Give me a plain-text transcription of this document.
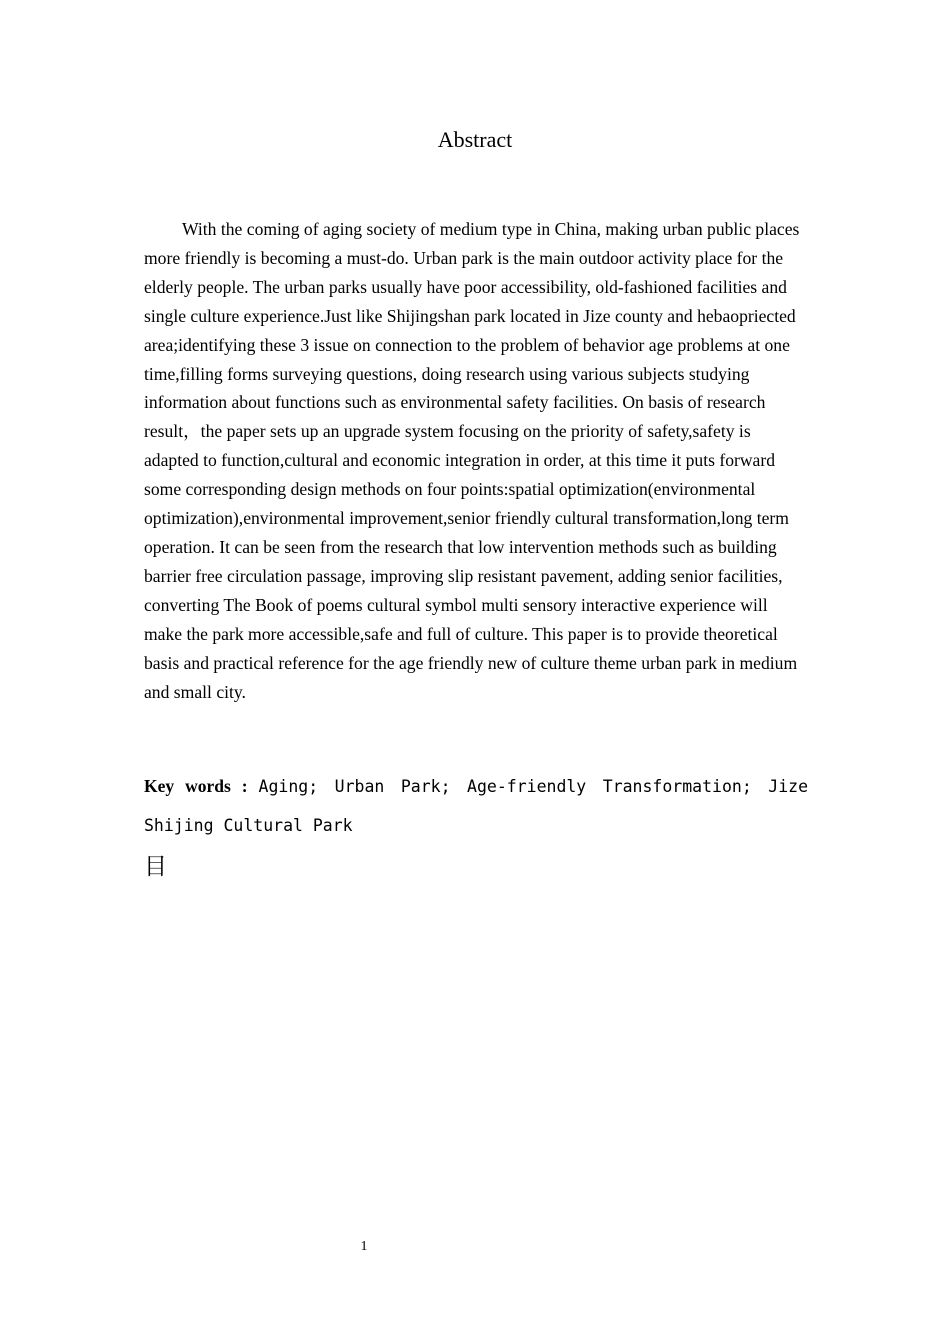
Abstract

With the coming of aging society of medium type in China, making urban public places more friendly is becoming a must-do. Urban park is the main outdoor activity place for the elderly people. The urban parks usually have poor accessibility, old-fashioned facilities and single culture experience.Just like Shijingshan park located in Jize county and hebaopriected area;identifying these 3 issue on connection to the problem of behavior age problems at one time,filling forms surveying questions, doing research using various subjects studying information about functions such as environmental safety facilities. On basis of research result，the paper sets up an upgrade system focusing on the priority of safety,safety is adapted to function,cultural and economic integration in order, at this time it puts forward some corresponding design methods on four points:spatial optimization(environmental optimization),environmental improvement,senior friendly cultural transformation,long term operation. It can be seen from the research that low intervention methods such as building barrier free circulation passage, improving slip resistant pavement, adding senior facilities, converting The Book of poems cultural symbol multi sensory interactive experience will make the park more accessible,safe and full of culture. This paper is to provide theoretical basis and practical reference for the age friendly new of culture theme urban park in medium and small city.

Key words : Aging; Urban Park; Age-friendly Transformation; Jize Shijing Cultural Park

目
1
